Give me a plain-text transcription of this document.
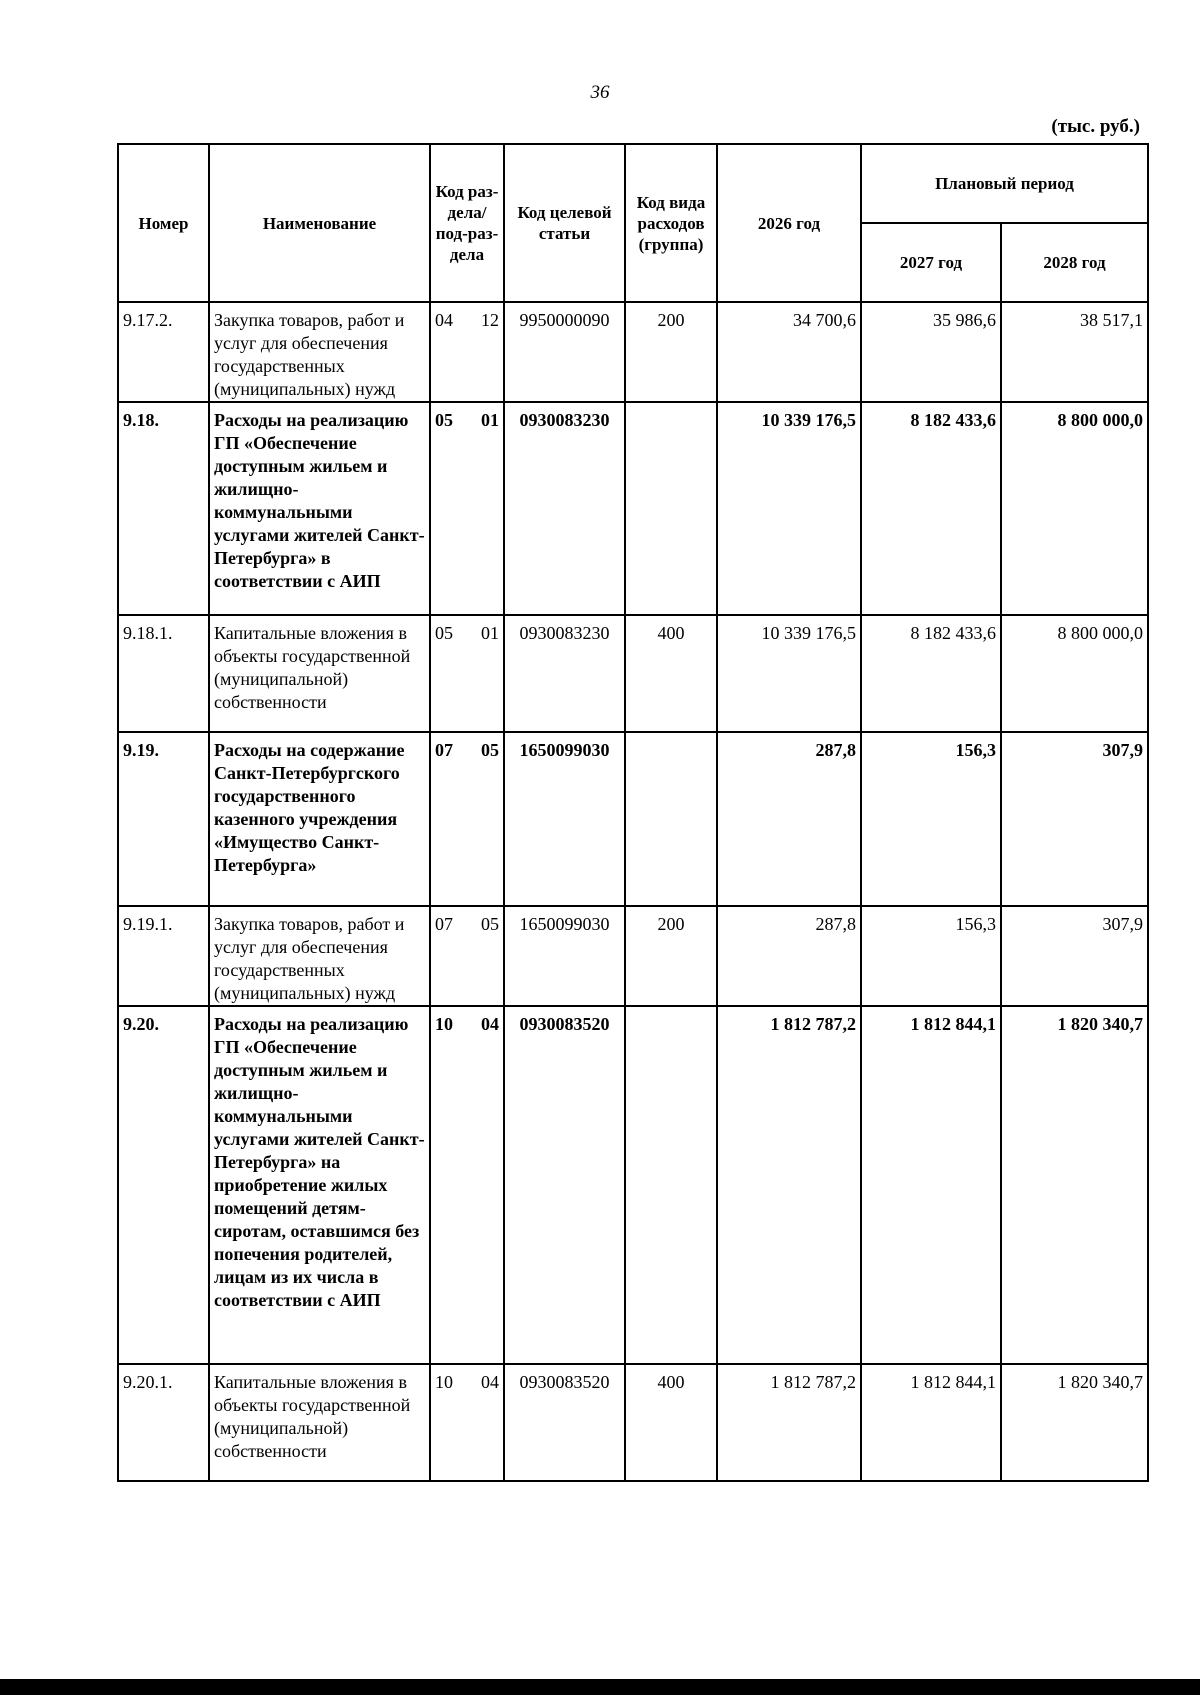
36
(тыс. руб.)
Номер	Наименование	Код раз-дела/ под-раз-дела	Код целевой статьи	Код вида расходов (группа)	2026 год	Плановый период	
						2027 год	2028 год
9.17.2.	Закупка товаров, работ и услуг для обеспечения государственных (муниципальных) нужд	04 12	9950000090	200	34 700,6	35 986,6	38 517,1
9.18.	Расходы на реализацию ГП «Обеспечение доступным жильем и жилищно-коммунальными услугами жителей Санкт-Петербурга» в соответствии с АИП	05 01	0930083230		10 339 176,5	8 182 433,6	8 800 000,0
9.18.1.	Капитальные вложения в объекты государственной (муниципальной) собственности	05 01	0930083230	400	10 339 176,5	8 182 433,6	8 800 000,0
9.19.	Расходы на содержание Санкт-Петербургского государственного казенного учреждения «Имущество Санкт-Петербурга»	07 05	1650099030		287,8	156,3	307,9
9.19.1.	Закупка товаров, работ и услуг для обеспечения государственных (муниципальных) нужд	07 05	1650099030	200	287,8	156,3	307,9
9.20.	Расходы на реализацию ГП «Обеспечение доступным жильем и жилищно-коммунальными услугами жителей Санкт-Петербурга» на приобретение жилых помещений детям-сиротам, оставшимся без попечения родителей, лицам из их числа в соответствии с АИП	10 04	0930083520		1 812 787,2	1 812 844,1	1 820 340,7
9.20.1.	Капитальные вложения в объекты государственной (муниципальной) собственности	10 04	0930083520	400	1 812 787,2	1 812 844,1	1 820 340,7
